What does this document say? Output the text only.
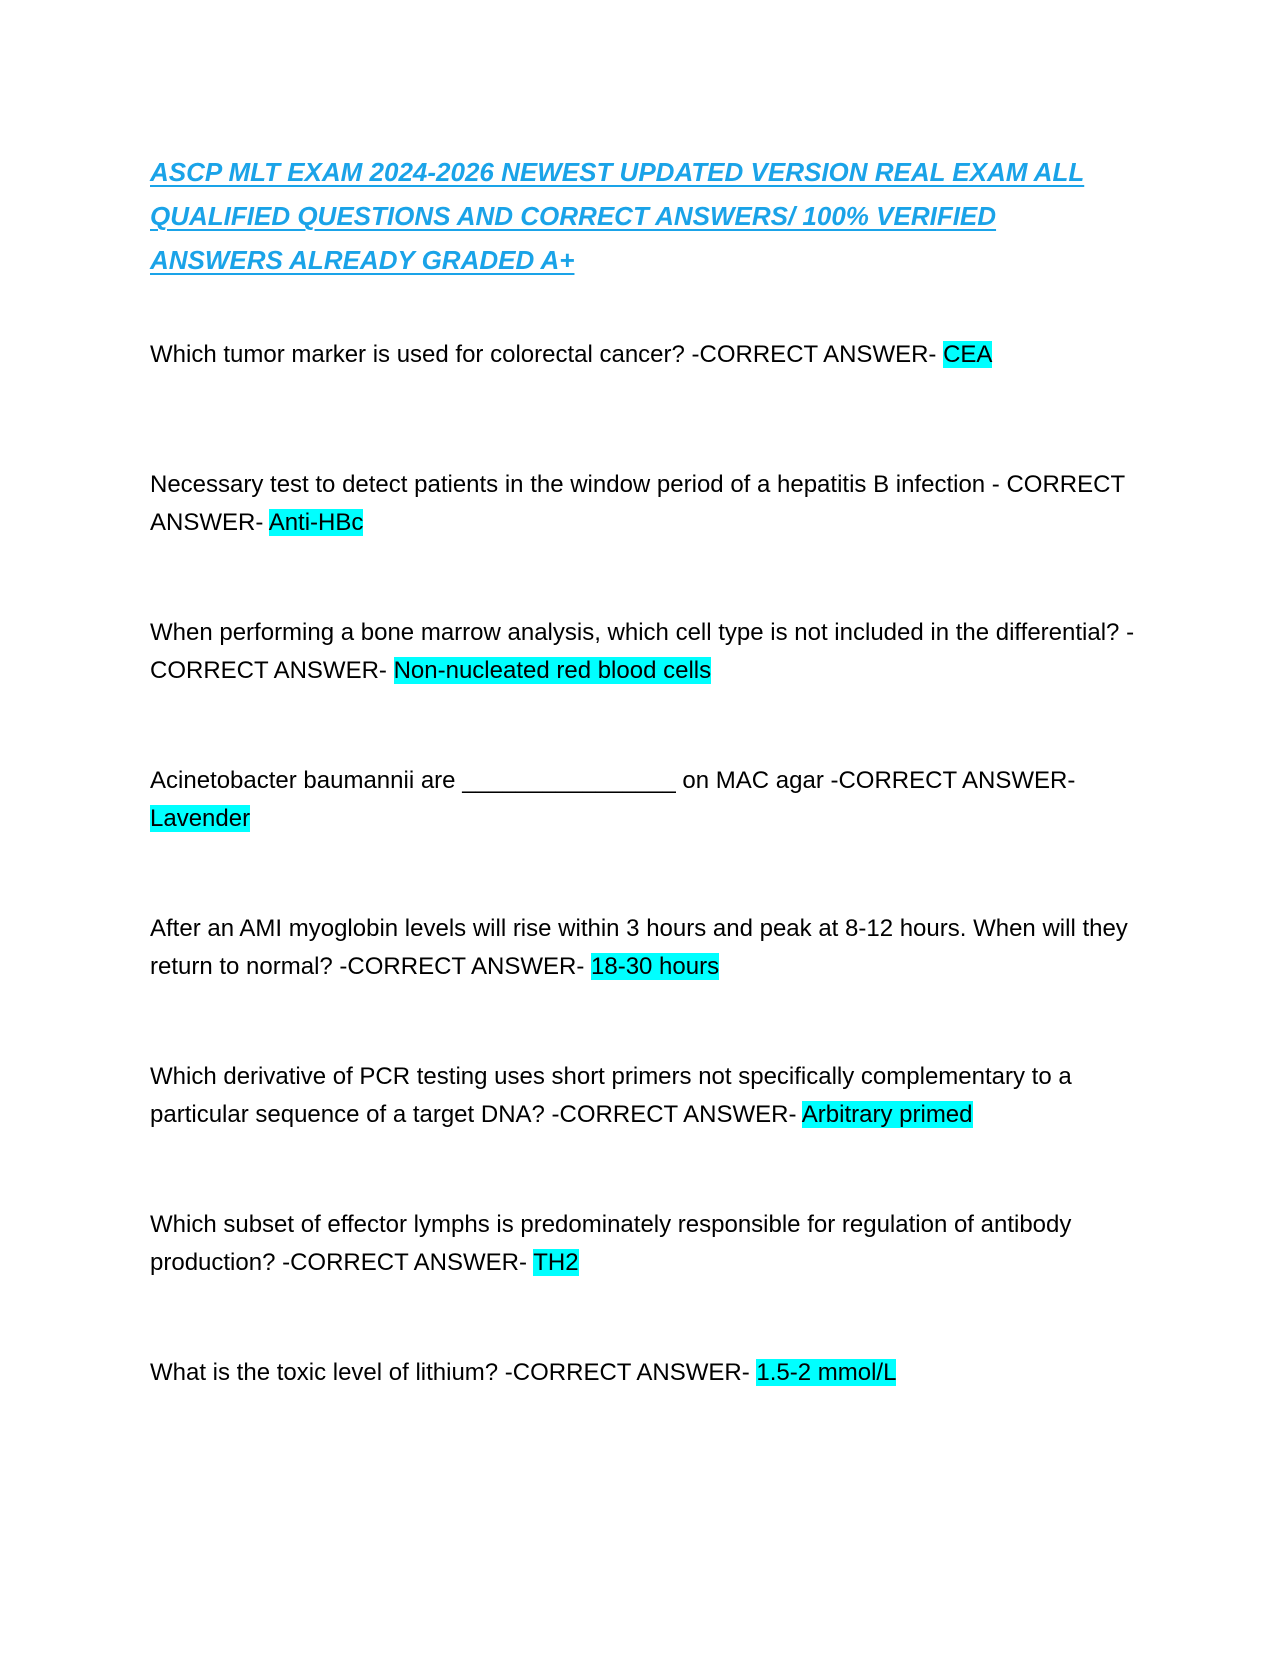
ASCP MLT EXAM 2024-2026 NEWEST UPDATED VERSION REAL EXAM ALL QUALIFIED QUESTIONS AND CORRECT ANSWERS/ 100% VERIFIED ANSWERS ALREADY GRADED A+

Which tumor marker is used for colorectal cancer? -CORRECT ANSWER- CEA

Necessary test to detect patients in the window period of a hepatitis B infection - CORRECT ANSWER- Anti-HBc

When performing a bone marrow analysis, which cell type is not included in the differential? -CORRECT ANSWER- Non-nucleated red blood cells

Acinetobacter baumannii are ________________ on MAC agar -CORRECT ANSWER- Lavender

After an AMI myoglobin levels will rise within 3 hours and peak at 8-12 hours. When will they return to normal? -CORRECT ANSWER- 18-30 hours

Which derivative of PCR testing uses short primers not specifically complementary to a particular sequence of a target DNA? -CORRECT ANSWER- Arbitrary primed

Which subset of effector lymphs is predominately responsible for regulation of antibody production? -CORRECT ANSWER- TH2

What is the toxic level of lithium? -CORRECT ANSWER- 1.5-2 mmol/L
